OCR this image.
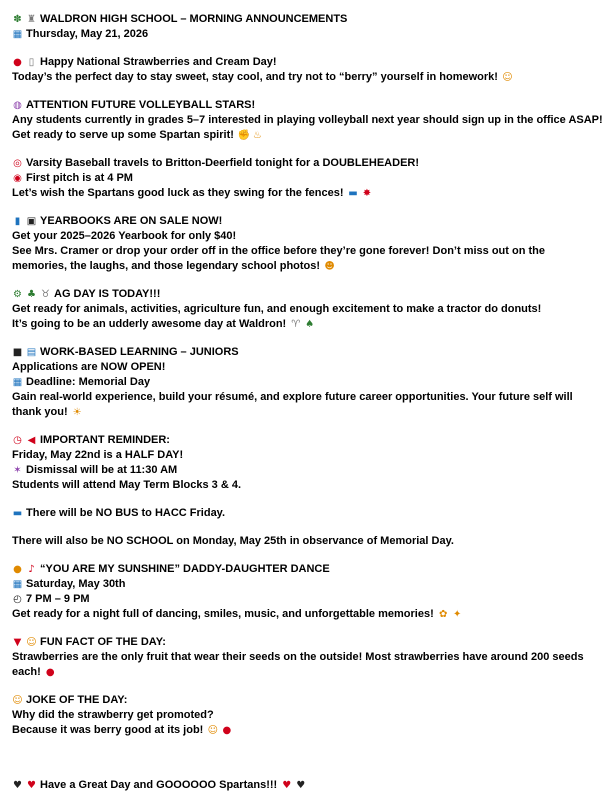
✽ ♜ WALDRON HIGH SCHOOL – MORNING ANNOUNCEMENTS
▦ Thursday, May 21, 2026
● ▯ Happy National Strawberries and Cream Day!
Today’s the perfect day to stay sweet, stay cool, and try not to “berry” yourself in homework! ☺
◍ ATTENTION FUTURE VOLLEYBALL STARS!
Any students currently in grades 5–7 interested in playing volleyball next year should sign up in the office ASAP!
Get ready to serve up some Spartan spirit! ✊ ♨
◎ Varsity Baseball travels to Britton-Deerfield tonight for a DOUBLEHEADER!
◉ First pitch is at 4 PM
Let’s wish the Spartans good luck as they swing for the fences! ▬ ✸
▮ ▣ YEARBOOKS ARE ON SALE NOW!
Get your 2025–2026 Yearbook for only $40!
See Mrs. Cramer or drop your order off in the office before they’re gone forever! Don’t miss out on the memories, the laughs, and those legendary school photos! ☻
⚙ ♣ ♉ AG DAY IS TODAY!!!
Get ready for animals, activities, agriculture fun, and enough excitement to make a tractor do donuts!
It’s going to be an udderly awesome day at Waldron! ♈ ♠
■ ▤ WORK-BASED LEARNING – JUNIORS
Applications are NOW OPEN!
▦ Deadline: Memorial Day
Gain real-world experience, build your résumé, and explore future career opportunities. Your future self will thank you! ☀
◷ ◀ IMPORTANT REMINDER:
Friday, May 22nd is a HALF DAY!
✶ Dismissal will be at 11:30 AM
Students will attend May Term Blocks 3 & 4.
▬ There will be NO BUS to HACC Friday.
There will also be NO SCHOOL on Monday, May 25th in observance of Memorial Day.
● ♪ “YOU ARE MY SUNSHINE” DADDY-DAUGHTER DANCE
▦ Saturday, May 30th
◴ 7 PM – 9 PM
Get ready for a night full of dancing, smiles, music, and unforgettable memories! ✿ ✦
▼ ☺ FUN FACT OF THE DAY:
Strawberries are the only fruit that wear their seeds on the outside! Most strawberries have around 200 seeds each! ●
☺ JOKE OF THE DAY:
Why did the strawberry get promoted?
Because it was berry good at its job! ☺ ●
♥ ♥ Have a Great Day and GOOOOOO Spartans!!! ♥ ♥
